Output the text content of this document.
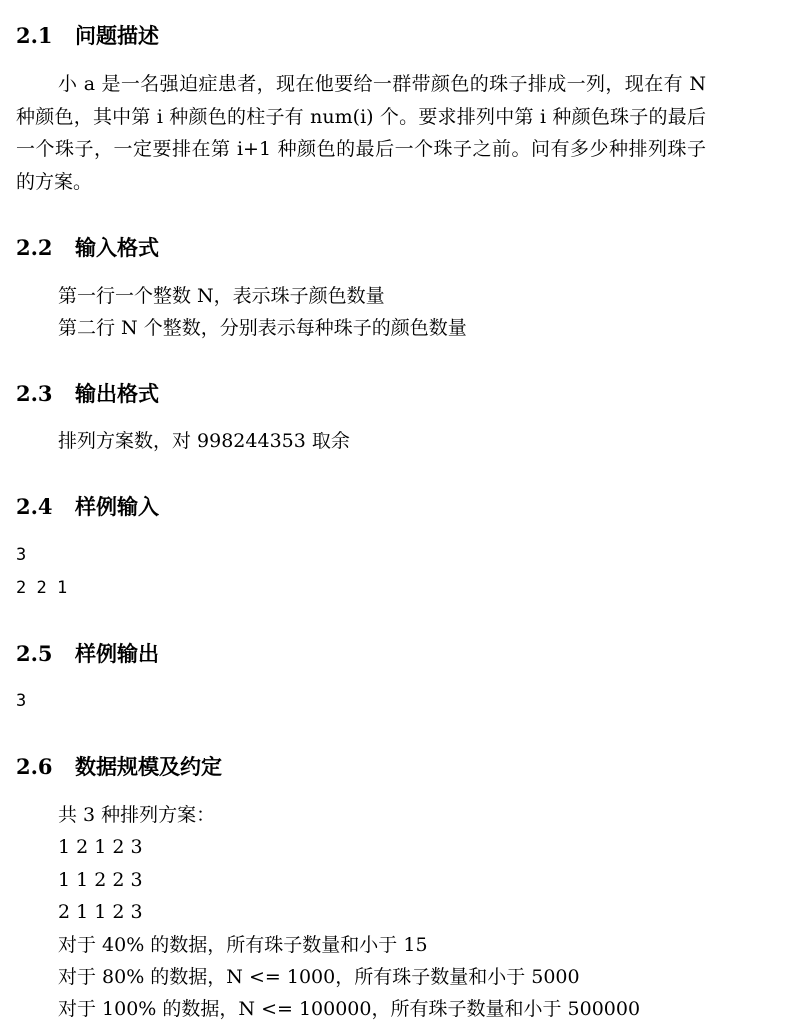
2.1 问题描述
小 a 是一名强迫症患者，现在他要给一群带颜色的珠子排成一列，现在有 N 种颜色，其中第 i 种颜色的柱子有 num(i) 个。要求排列中第 i 种颜色珠子的最后一个珠子，一定要排在第 i+1 种颜色的最后一个珠子之前。问有多少种排列珠子的方案。
2.2 输入格式
第一行一个整数 N，表示珠子颜色数量
第二行 N 个整数，分别表示每种珠子的颜色数量
2.3 输出格式
排列方案数，对 998244353 取余
2.4 样例输入
3
2 2 1
2.5 样例输出
3
2.6 数据规模及约定
共 3 种排列方案：
1 2 1 2 3
1 1 2 2 3
2 1 1 2 3
对于 40% 的数据，所有珠子数量和小于 15
对于 80% 的数据，N <= 1000，所有珠子数量和小于 5000
对于 100% 的数据，N <= 100000，所有珠子数量和小于 500000
